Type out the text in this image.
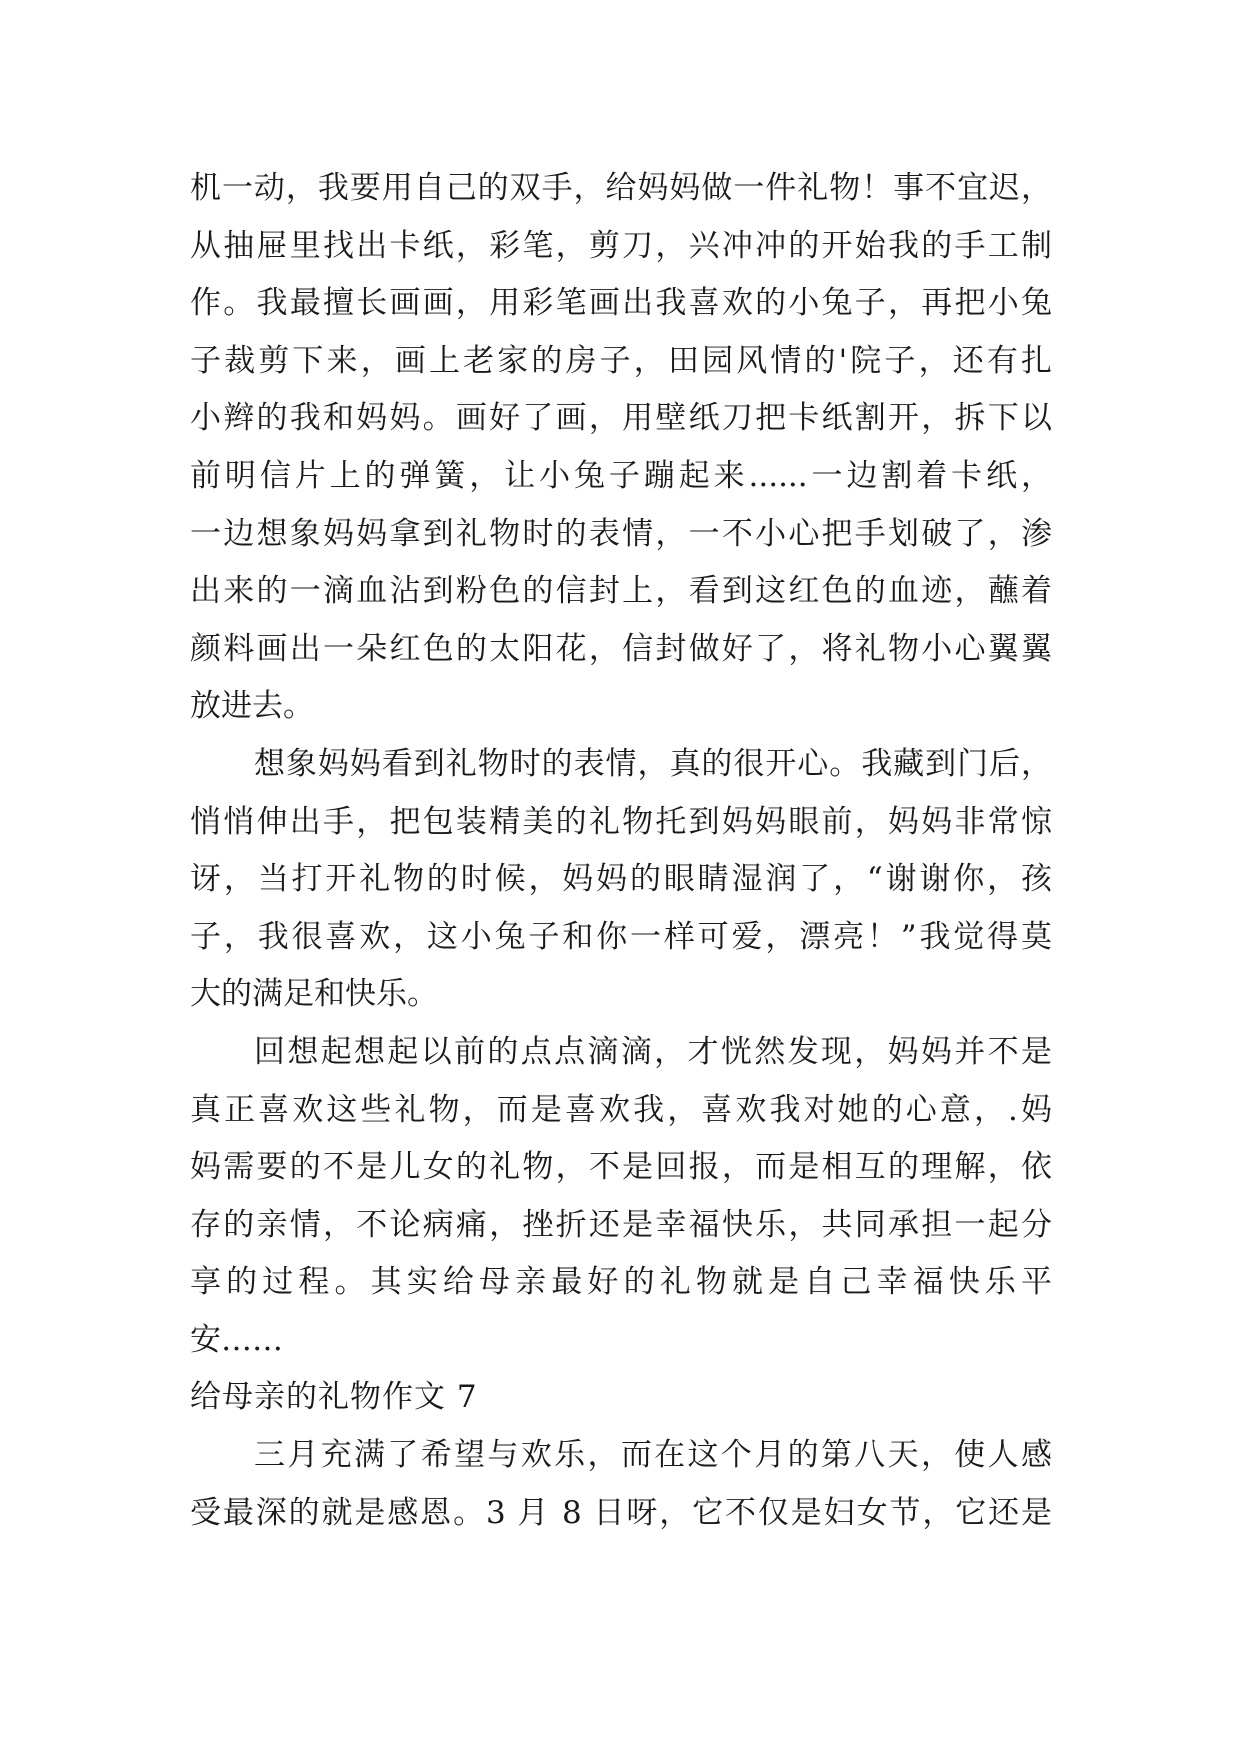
机一动，我要用自己的双手，给妈妈做一件礼物！事不宜迟，
从抽屉里找出卡纸，彩笔，剪刀，兴冲冲的开始我的手工制
作。我最擅长画画，用彩笔画出我喜欢的小兔子，再把小兔
子裁剪下来，画上老家的房子，田园风情的'院子，还有扎
小辫的我和妈妈。画好了画，用壁纸刀把卡纸割开，拆下以
前明信片上的弹簧，让小兔子蹦起来......一边割着卡纸，
一边想象妈妈拿到礼物时的表情，一不小心把手划破了，渗
出来的一滴血沾到粉色的信封上，看到这红色的血迹，蘸着
颜料画出一朵红色的太阳花，信封做好了，将礼物小心翼翼
放进去。
想象妈妈看到礼物时的表情，真的很开心。我藏到门后，
悄悄伸出手，把包装精美的礼物托到妈妈眼前，妈妈非常惊
讶，当打开礼物的时候，妈妈的眼睛湿润了，“谢谢你，孩
子，我很喜欢，这小兔子和你一样可爱，漂亮！”我觉得莫
大的满足和快乐。
回想起想起以前的点点滴滴，才恍然发现，妈妈并不是
真正喜欢这些礼物，而是喜欢我，喜欢我对她的心意，.妈
妈需要的不是儿女的礼物，不是回报，而是相互的理解，依
存的亲情，不论病痛，挫折还是幸福快乐，共同承担一起分
享的过程。其实给母亲最好的礼物就是自己幸福快乐平
安……
给母亲的礼物作文 7
三月充满了希望与欢乐，而在这个月的第八天，使人感
受最深的就是感恩。3 月 8 日呀，它不仅是妇女节，它还是
